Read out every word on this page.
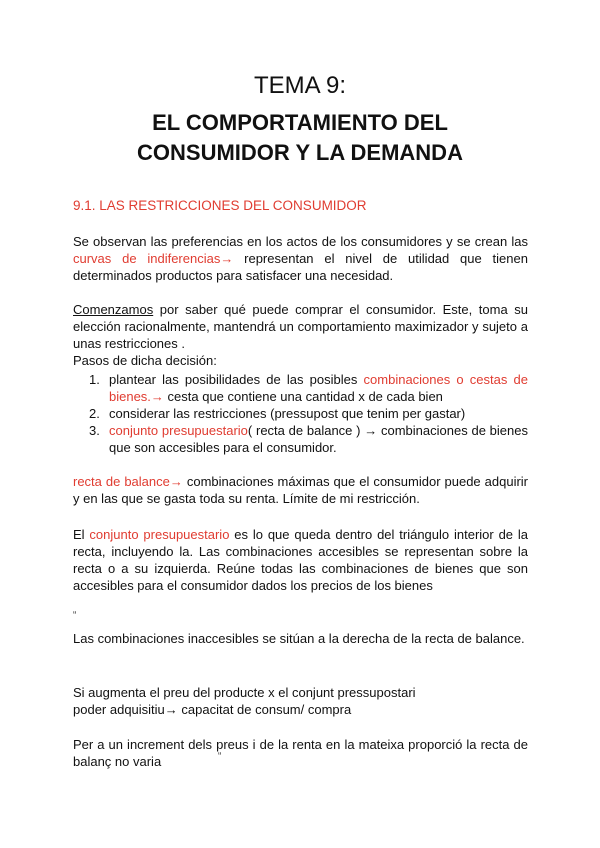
TEMA 9:
EL COMPORTAMIENTO DEL
CONSUMIDOR Y LA DEMANDA
9.1. LAS RESTRICCIONES DEL CONSUMIDOR
Se observan las preferencias en los actos de los consumidores y se crean las curvas de indiferencias→ representan el nivel de utilidad que tienen determinados productos para satisfacer una necesidad.
Comenzamos por saber qué puede comprar el consumidor. Este, toma su elección racionalmente, mantendrá un comportamiento maximizador y sujeto a unas restricciones .
Pasos de dicha decisión:
1. plantear las posibilidades de las posibles combinaciones o cestas de bienes.→ cesta que contiene una cantidad x de cada bien
2. considerar las restricciones (pressupost que tenim per gastar)
3. conjunto presupuestario( recta de balance ) → combinaciones de bienes que son accesibles para el consumidor.
recta de balance→ combinaciones máximas que el consumidor puede adquirir y en las que se gasta toda su renta. Límite de mi restricción.
El conjunto presupuestario es lo que queda dentro del triángulo interior de la recta, incluyendo la. Las combinaciones accesibles se representan sobre la recta o a su izquierda. Reúne todas las combinaciones de bienes que son accesibles para el consumidor dados los precios de los bienes
“
Las combinaciones inaccesibles se sitúan a la derecha de la recta de balance.
Si augmenta el preu del producte x el conjunt pressupostari
poder adquisitiu→ capacitat de consum/ compra
Per a un increment dels preus i de la renta en la mateixa proporció la recta de balanç no varia	“
